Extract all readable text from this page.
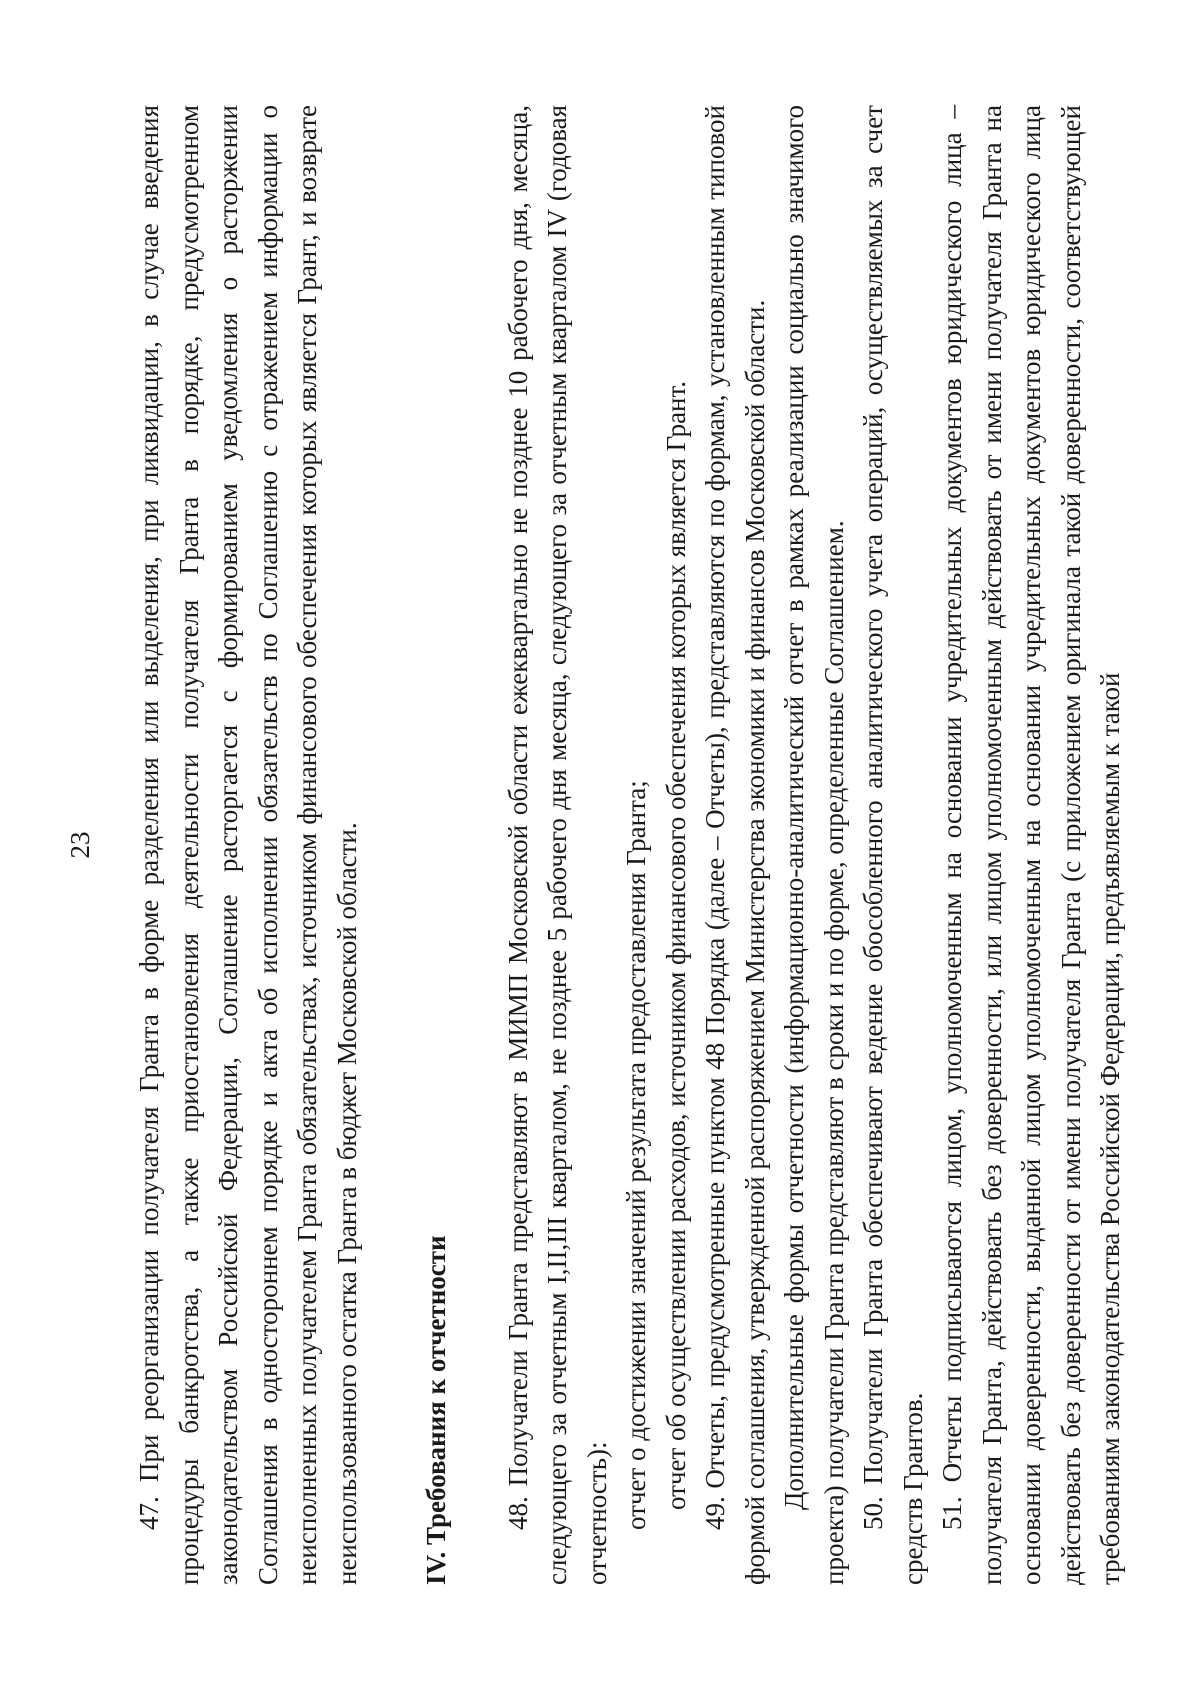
23 47. При реорганизации получателя Гранта в форме разделения или выделения, при ликвидации, в случае введения процедуры банкротства, а также приостановления деятельности получателя Гранта в порядке, предусмотренном законодательством Российской Федерации, Соглашение расторгается с формированием уведомления о расторжении Соглашения в одностороннем порядке и акта об исполнении обязательств по Соглашению с отражением информации о неисполненных получателем Гранта обязательствах, источником финансового обеспечения которых является Грант, и возврате неиспользованного остатка Гранта в бюджет Московской области. IV. Требования к отчетности 48. Получатели Гранта представляют в МИМП Московской области ежеквартально не позднее 10 рабочего дня, месяца, следующего за отчетным I,II,III кварталом, не позднее 5 рабочего дня месяца, следующего за отчетным кварталом IV (годовая отчетность): отчет о достижении значений результата предоставления Гранта; отчет об осуществлении расходов, источником финансового обеспечения которых является Грант. 49. Отчеты, предусмотренные пунктом 48 Порядка (далее – Отчеты), представляются по формам, установленным типовой формой соглашения, утвержденной распоряжением Министерства экономики и финансов Московской области. Дополнительные формы отчетности (информационно-аналитический отчет в рамках реализации социально значимого проекта) получатели Гранта представляют в сроки и по форме, определенные Соглашением. 50. Получатели Гранта обеспечивают ведение обособленного аналитического учета операций, осуществляемых за счет средств Грантов. 51. Отчеты подписываются лицом, уполномоченным на основании учредительных документов юридического лица – получателя Гранта, действовать без доверенности, или лицом уполномоченным действовать от имени получателя Гранта на основании доверенности, выданной лицом уполномоченным на основании учредительных документов юридического лица действовать без доверенности от имени получателя Гранта (с приложением оригинала такой доверенности, соответствующей требованиям законодательства Российской Федерации, предъявляемым к такой
